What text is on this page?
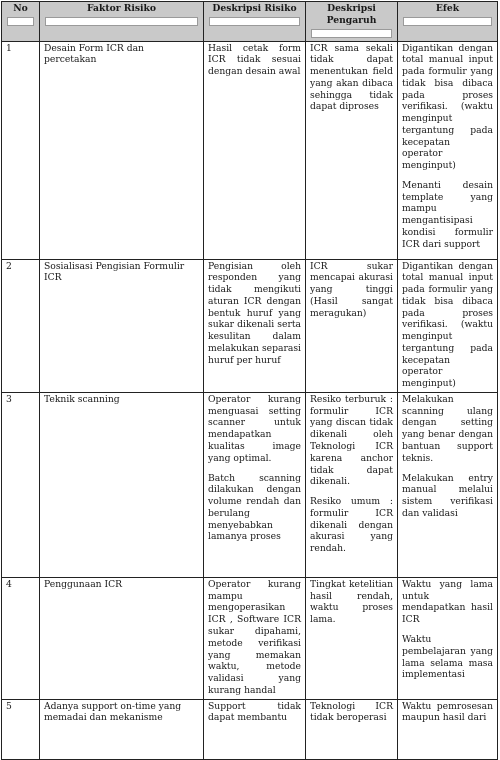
No	Faktor Risiko	Deskripsi Risiko	Deskripsi Pengaruh	Efek

1	Desain Form ICR dan percetakan	Hasil cetak form ICR tidak sesuai dengan desain awal	ICR sama sekali tidak dapat menentukan field yang akan dibaca sehingga tidak dapat diproses	Digantikan dengan total manual input pada formulir yang tidak bisa dibaca pada proses verifikasi. (waktu menginput tergantung pada kecepatan operator menginput)
Menanti desain template yang mampu mengantisipasi kondisi formulir ICR dari support

2	Sosialisasi Pengisian Formulir ICR	Pengisian oleh responden yang tidak mengikuti aturan ICR dengan bentuk huruf yang sukar dikenali serta kesulitan dalam melakukan separasi huruf per huruf	ICR sukar mencapai akurasi yang tinggi (Hasil sangat meragukan)	Digantikan dengan total manual input pada formulir yang tidak bisa dibaca pada proses verifikasi. (waktu menginput tergantung pada kecepatan operator menginput)

3	Teknik scanning	Operator kurang menguasai setting scanner untuk mendapatkan kualitas image yang optimal.
Batch scanning dilakukan dengan volume rendah dan berulang menyebabkan lamanya proses	Resiko terburuk : formulir ICR yang discan tidak dikenali oleh Teknologi ICR karena anchor tidak dapat dikenali.
Resiko umum : formulir ICR dikenali dengan akurasi yang rendah.	Melakukan scanning ulang dengan setting yang benar dengan bantuan support teknis.
Melakukan entry manual melalui sistem verifikasi dan validasi

4	Penggunaan ICR	Operator kurang mampu mengoperasikan ICR , Software ICR sukar dipahami, metode verifikasi yang memakan waktu, metode validasi yang kurang handal	Tingkat ketelitian hasil rendah, waktu proses lama.	Waktu yang lama untuk mendapatkan hasil ICR
Waktu pembelajaran yang lama selama masa implementasi

5	Adanya support on-time yang memadai dan mekanisme	Support tidak dapat membantu	Teknologi ICR tidak beroperasi	Waktu pemrosesan maupun hasil dari
